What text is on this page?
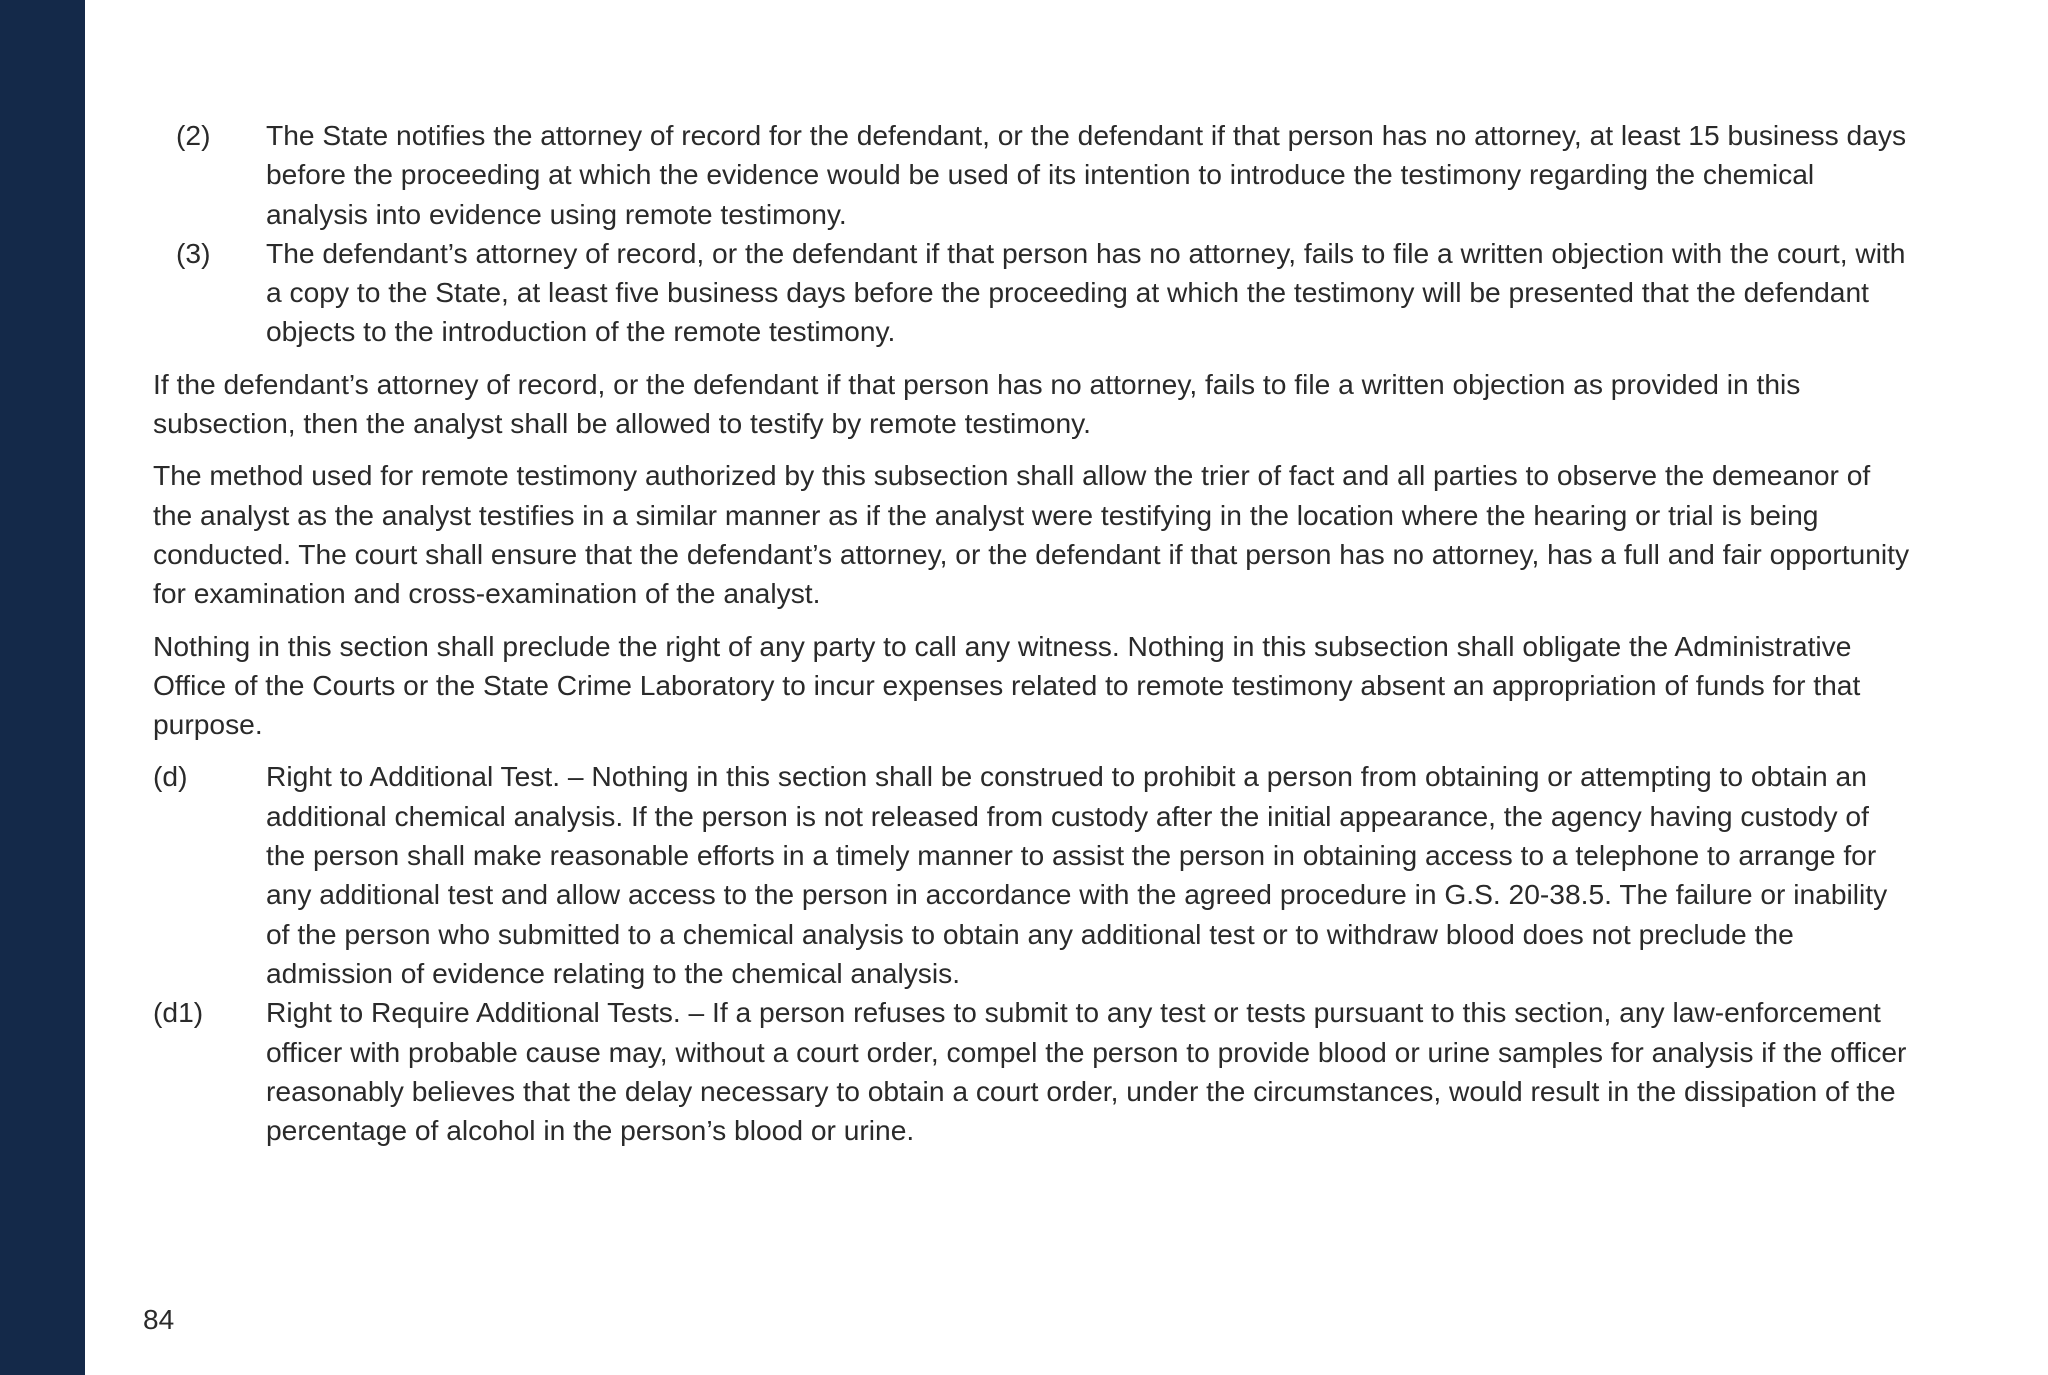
(2) The State notifies the attorney of record for the defendant, or the defendant if that person has no attorney, at least 15 business days before the proceeding at which the evidence would be used of its intention to introduce the testimony regarding the chemical analysis into evidence using remote testimony.
(3) The defendant’s attorney of record, or the defendant if that person has no attorney, fails to file a written objection with the court, with a copy to the State, at least five business days before the proceeding at which the testimony will be presented that the defendant objects to the introduction of the remote testimony.
If the defendant’s attorney of record, or the defendant if that person has no attorney, fails to file a written objection as provided in this subsection, then the analyst shall be allowed to testify by remote testimony.
The method used for remote testimony authorized by this subsection shall allow the trier of fact and all parties to observe the demeanor of the analyst as the analyst testifies in a similar manner as if the analyst were testifying in the location where the hearing or trial is being conducted. The court shall ensure that the defendant’s attorney, or the defendant if that person has no attorney, has a full and fair opportunity for examination and cross-examination of the analyst.
Nothing in this section shall preclude the right of any party to call any witness. Nothing in this subsection shall obligate the Administrative Office of the Courts or the State Crime Laboratory to incur expenses related to remote testimony absent an appropriation of funds for that purpose.
(d)	Right to Additional Test. – Nothing in this section shall be construed to prohibit a person from obtaining or attempting to obtain an additional chemical analysis. If the person is not released from custody after the initial appearance, the agency having custody of the person shall make reasonable efforts in a timely manner to assist the person in obtaining access to a telephone to arrange for any additional test and allow access to the person in accordance with the agreed procedure in G.S. 20-38.5. The failure or inability of the person who submitted to a chemical analysis to obtain any additional test or to withdraw blood does not preclude the admission of evidence relating to the chemical analysis.
(d1) Right to Require Additional Tests. – If a person refuses to submit to any test or tests pursuant to this section, any law-enforcement officer with probable cause may, without a court order, compel the person to provide blood or urine samples for analysis if the officer reasonably believes that the delay necessary to obtain a court order, under the circumstances, would result in the dissipation of the percentage of alcohol in the person’s blood or urine.
84
